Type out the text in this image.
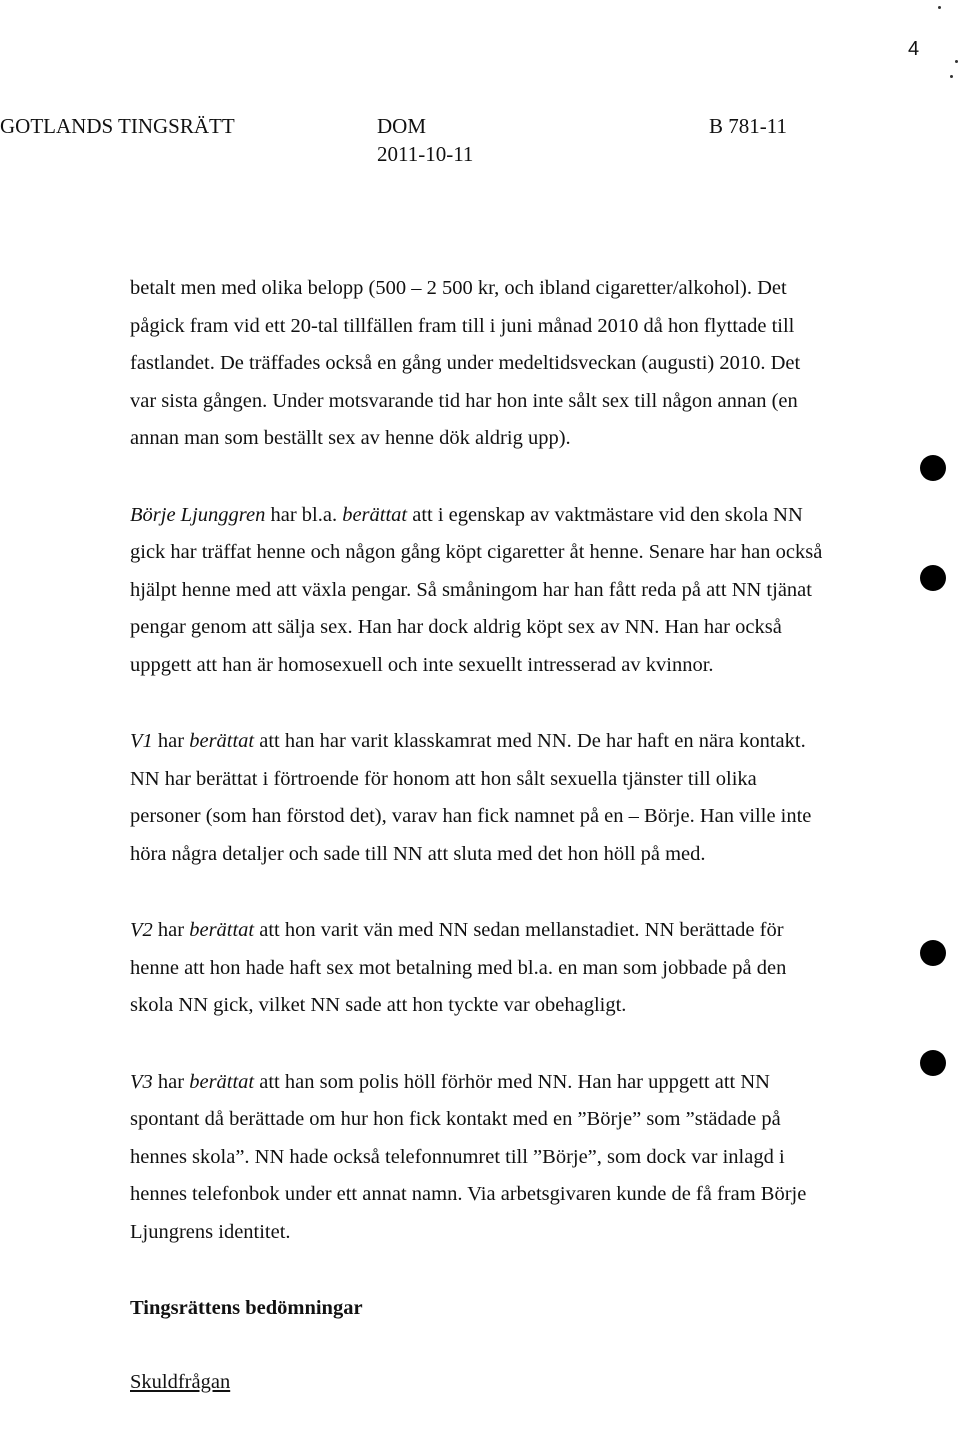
4
GOTLANDS TINGSRÄTT	DOM
2011-10-11
B 781-11

betalt men med olika belopp (500 – 2 500 kr, och ibland cigaretter/alkohol). Det pågick fram vid ett 20-tal tillfällen fram till i juni månad 2010 då hon flyttade till fastlandet. De träffades också en gång under medeltidsveckan (augusti) 2010. Det var sista gången. Under motsvarande tid har hon inte sålt sex till någon annan (en annan man som beställt sex av henne dök aldrig upp).

Börje Ljunggren har bl.a. berättat att i egenskap av vaktmästare vid den skola NN gick har träffat henne och någon gång köpt cigaretter åt henne. Senare har han också hjälpt henne med att växla pengar. Så småningom har han fått reda på att NN tjänat pengar genom att sälja sex. Han har dock aldrig köpt sex av NN. Han har också uppgett att han är homosexuell och inte sexuellt intresserad av kvinnor.

V1 har berättat att han har varit klasskamrat med NN. De har haft en nära kontakt. NN har berättat i förtroende för honom att hon sålt sexuella tjänster till olika personer (som han förstod det), varav han fick namnet på en – Börje. Han ville inte höra några detaljer och sade till NN att sluta med det hon höll på med.

V2 har berättat att hon varit vän med NN sedan mellanstadiet. NN berättade för henne att hon hade haft sex mot betalning med bl.a. en man som jobbade på den skola NN gick, vilket NN sade att hon tyckte var obehagligt.

V3 har berättat att han som polis höll förhör med NN. Han har uppgett att NN spontant då berättade om hur hon fick kontakt med en ”Börje” som ”städade på hennes skola”. NN hade också telefonnumret till ”Börje”, som dock var inlagd i hennes telefonbok under ett annat namn. Via arbetsgivaren kunde de få fram Börje Ljungrens identitet.

Tingsrättens bedömningar

Skuldfrågan
